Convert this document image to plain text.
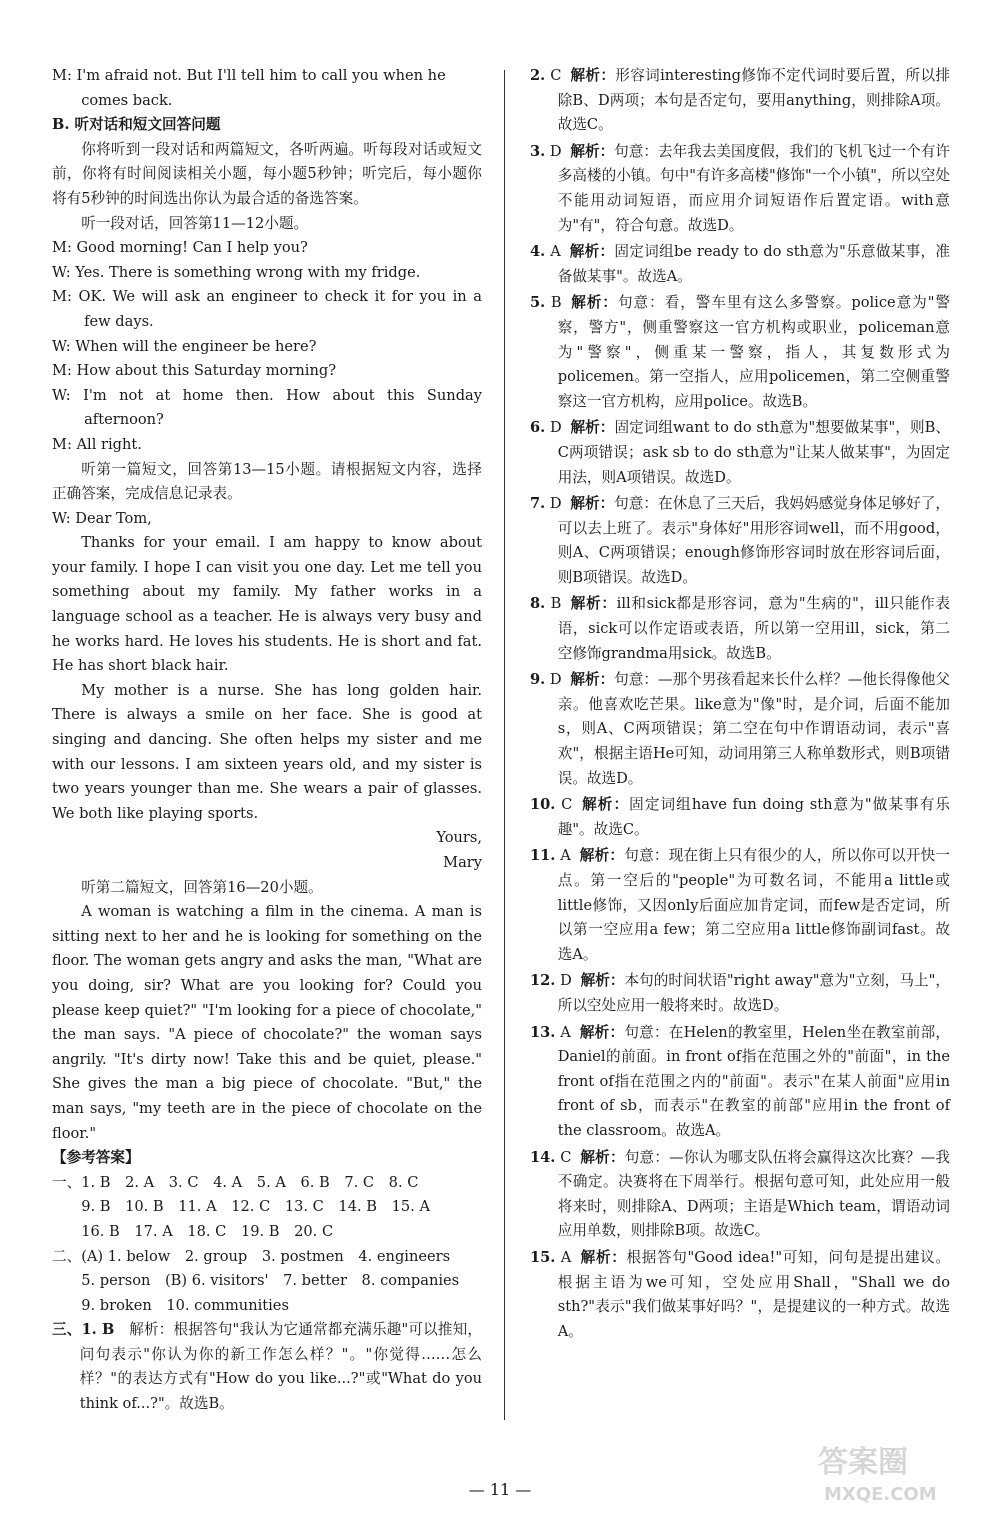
M: I'm afraid not. But I'll tell him to call you when he

comes back.

B. 听对话和短文回答问题

你将听到一段对话和两篇短文，各听两遍。听每段对话或短文前，你将有时间阅读相关小题，每小题5秒钟；听完后，每小题你将有5秒钟的时间选出你认为最合适的备选答案。

听一段对话，回答第11—12小题。

M: Good morning! Can I help you?

W: Yes. There is something wrong with my fridge.

M: OK. We will ask an engineer to check it for you in a few days.

W: When will the engineer be here?

M: How about this Saturday morning?

W: I'm not at home then. How about this Sunday afternoon?

M: All right.

听第一篇短文，回答第13—15小题。请根据短文内容，选择正确答案，完成信息记录表。

W: Dear Tom,

Thanks for your email. I am happy to know about your family. I hope I can visit you one day. Let me tell you something about my family. My father works in a language school as a teacher. He is always very busy and he works hard. He loves his students. He is short and fat. He has short black hair.

My mother is a nurse. She has long golden hair. There is always a smile on her face. She is good at singing and dancing. She often helps my sister and me with our lessons. I am sixteen years old, and my sister is two years younger than me. She wears a pair of glasses. We both like playing sports.

Yours,

Mary

听第二篇短文，回答第16—20小题。

A woman is watching a film in the cinema. A man is sitting next to her and he is looking for something on the floor. The woman gets angry and asks the man, "What are you doing, sir? What are you looking for? Could you please keep quiet?" "I'm looking for a piece of chocolate," the man says. "A piece of chocolate?" the woman says angrily. "It's dirty now! Take this and be quiet, please." She gives the man a big piece of chocolate. "But," the man says, "my teeth are in the piece of chocolate on the floor."

【参考答案】

一、1. B　2. A　3. C　4. A　5. A　6. B　7. C　8. C

9. B　10. B　11. A　12. C　13. C　14. B　15. A

16. B　17. A　18. C　19. B　20. C

二、(A) 1. below　2. group　3. postmen　4. engineers

5. person　(B) 6. visitors'　7. better　8. companies

9. broken　10. communities

三、1. B　 解析：根据答句"我认为它通常都充满乐趣"可以推知，问句表示"你认为你的新工作怎么样？"。"你觉得……怎么样？"的表达方式有"How do you like...?"或"What do you think of...?"。故选B。

2. C 解析：形容词interesting修饰不定代词时要后置，所以排除B、D两项；本句是否定句，要用anything，则排除A项。故选C。

3. D 解析：句意：去年我去美国度假，我们的飞机飞过一个有许多高楼的小镇。句中"有许多高楼"修饰"一个小镇"，所以空处不能用动词短语，而应用介词短语作后置定语。with意为"有"，符合句意。故选D。

4. A 解析：固定词组be ready to do sth意为"乐意做某事，准备做某事"。故选A。

5. B 解析：句意：看，警车里有这么多警察。police意为"警察，警方"，侧重警察这一官方机构或职业，policeman意为"警察"，侧重某一警察，指人，其复数形式为policemen。第一空指人，应用policemen，第二空侧重警察这一官方机构，应用police。故选B。

6. D 解析：固定词组want to do sth意为"想要做某事"，则B、C两项错误；ask sb to do sth意为"让某人做某事"，为固定用法，则A项错误。故选D。

7. D 解析：句意：在休息了三天后，我妈妈感觉身体足够好了，可以去上班了。表示"身体好"用形容词well，而不用good，则A、C两项错误；enough修饰形容词时放在形容词后面，则B项错误。故选D。

8. B 解析：ill和sick都是形容词，意为"生病的"，ill只能作表语，sick可以作定语或表语，所以第一空用ill，sick，第二空修饰grandma用sick。故选B。

9. D 解析：句意：—那个男孩看起来长什么样？—他长得像他父亲。他喜欢吃芒果。like意为"像"时，是介词，后面不能加s，则A、C两项错误；第二空在句中作谓语动词，表示"喜欢"，根据主语He可知，动词用第三人称单数形式，则B项错误。故选D。

10. C 解析：固定词组have fun doing sth意为"做某事有乐趣"。故选C。

11. A 解析：句意：现在街上只有很少的人，所以你可以开快一点。第一空后的"people"为可数名词，不能用a little或little修饰，又因only后面应加肯定词，而few是否定词，所以第一空应用a few；第二空应用a little修饰副词fast。故选A。

12. D 解析：本句的时间状语"right away"意为"立刻，马上"，所以空处应用一般将来时。故选D。

13. A 解析：句意：在Helen的教室里，Helen坐在教室前部，Daniel的前面。in front of指在范围之外的"前面"，in the front of指在范围之内的"前面"。表示"在某人前面"应用in front of sb，而表示"在教室的前部"应用in the front of the classroom。故选A。

14. C 解析：句意：—你认为哪支队伍将会赢得这次比赛？—我不确定。决赛将在下周举行。根据句意可知，此处应用一般将来时，则排除A、D两项；主语是Which team，谓语动词应用单数，则排除B项。故选C。

15. A 解析：根据答句"Good idea!"可知，问句是提出建议。根据主语为we可知，空处应用Shall，"Shall we do sth?"表示"我们做某事好吗？"，是提建议的一种方式。故选A。

— 11 —
答案圈
MXQE.COM
